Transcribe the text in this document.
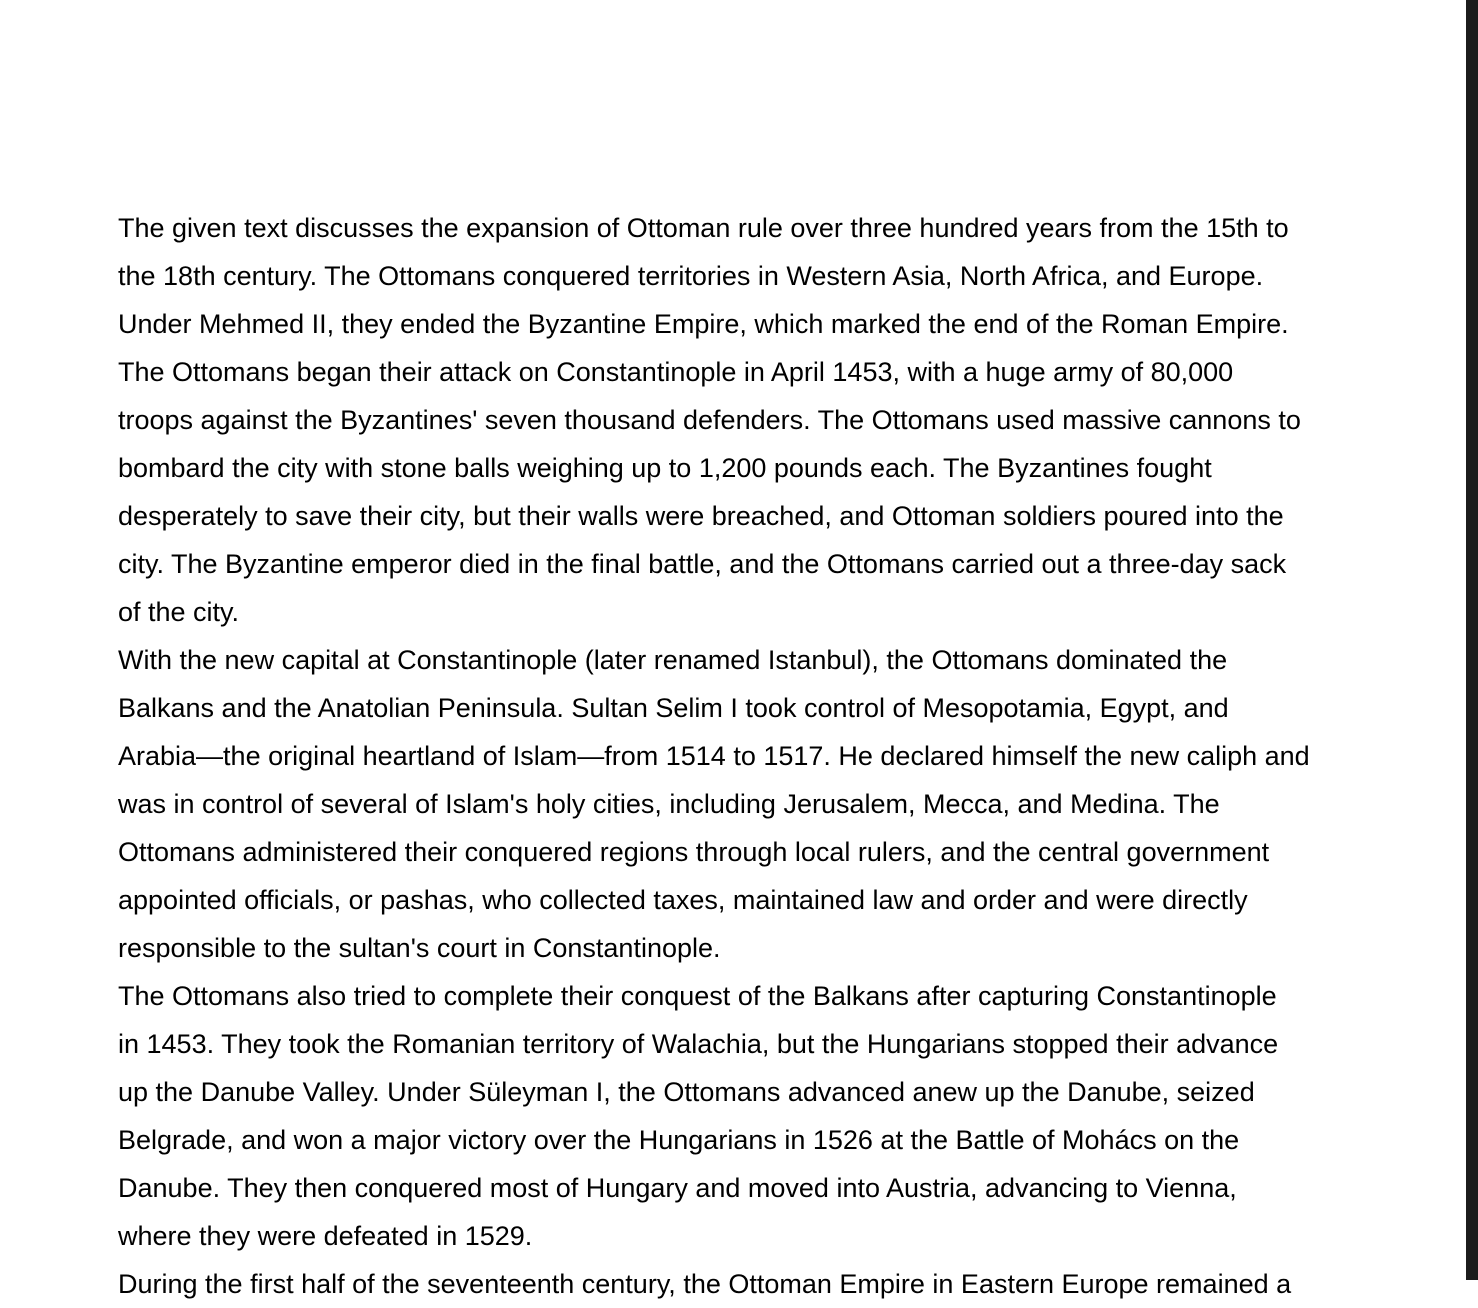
The given text discusses the expansion of Ottoman rule over three hundred years from the 15th to
the 18th century. The Ottomans conquered territories in Western Asia, North Africa, and Europe.
Under Mehmed II, they ended the Byzantine Empire, which marked the end of the Roman Empire.
The Ottomans began their attack on Constantinople in April 1453, with a huge army of 80,000
troops against the Byzantines' seven thousand defenders. The Ottomans used massive cannons to
bombard the city with stone balls weighing up to 1,200 pounds each. The Byzantines fought
desperately to save their city, but their walls were breached, and Ottoman soldiers poured into the
city. The Byzantine emperor died in the final battle, and the Ottomans carried out a three-day sack
of the city.

With the new capital at Constantinople (later renamed Istanbul), the Ottomans dominated the
Balkans and the Anatolian Peninsula. Sultan Selim I took control of Mesopotamia, Egypt, and
Arabia—the original heartland of Islam—from 1514 to 1517. He declared himself the new caliph and
was in control of several of Islam's holy cities, including Jerusalem, Mecca, and Medina. The
Ottomans administered their conquered regions through local rulers, and the central government
appointed officials, or pashas, who collected taxes, maintained law and order and were directly
responsible to the sultan's court in Constantinople.

The Ottomans also tried to complete their conquest of the Balkans after capturing Constantinople
in 1453. They took the Romanian territory of Walachia, but the Hungarians stopped their advance
up the Danube Valley. Under Süleyman I, the Ottomans advanced anew up the Danube, seized
Belgrade, and won a major victory over the Hungarians in 1526 at the Battle of Mohács on the
Danube. They then conquered most of Hungary and moved into Austria, advancing to Vienna,
where they were defeated in 1529.

During the first half of the seventeenth century, the Ottoman Empire in Eastern Europe remained a
